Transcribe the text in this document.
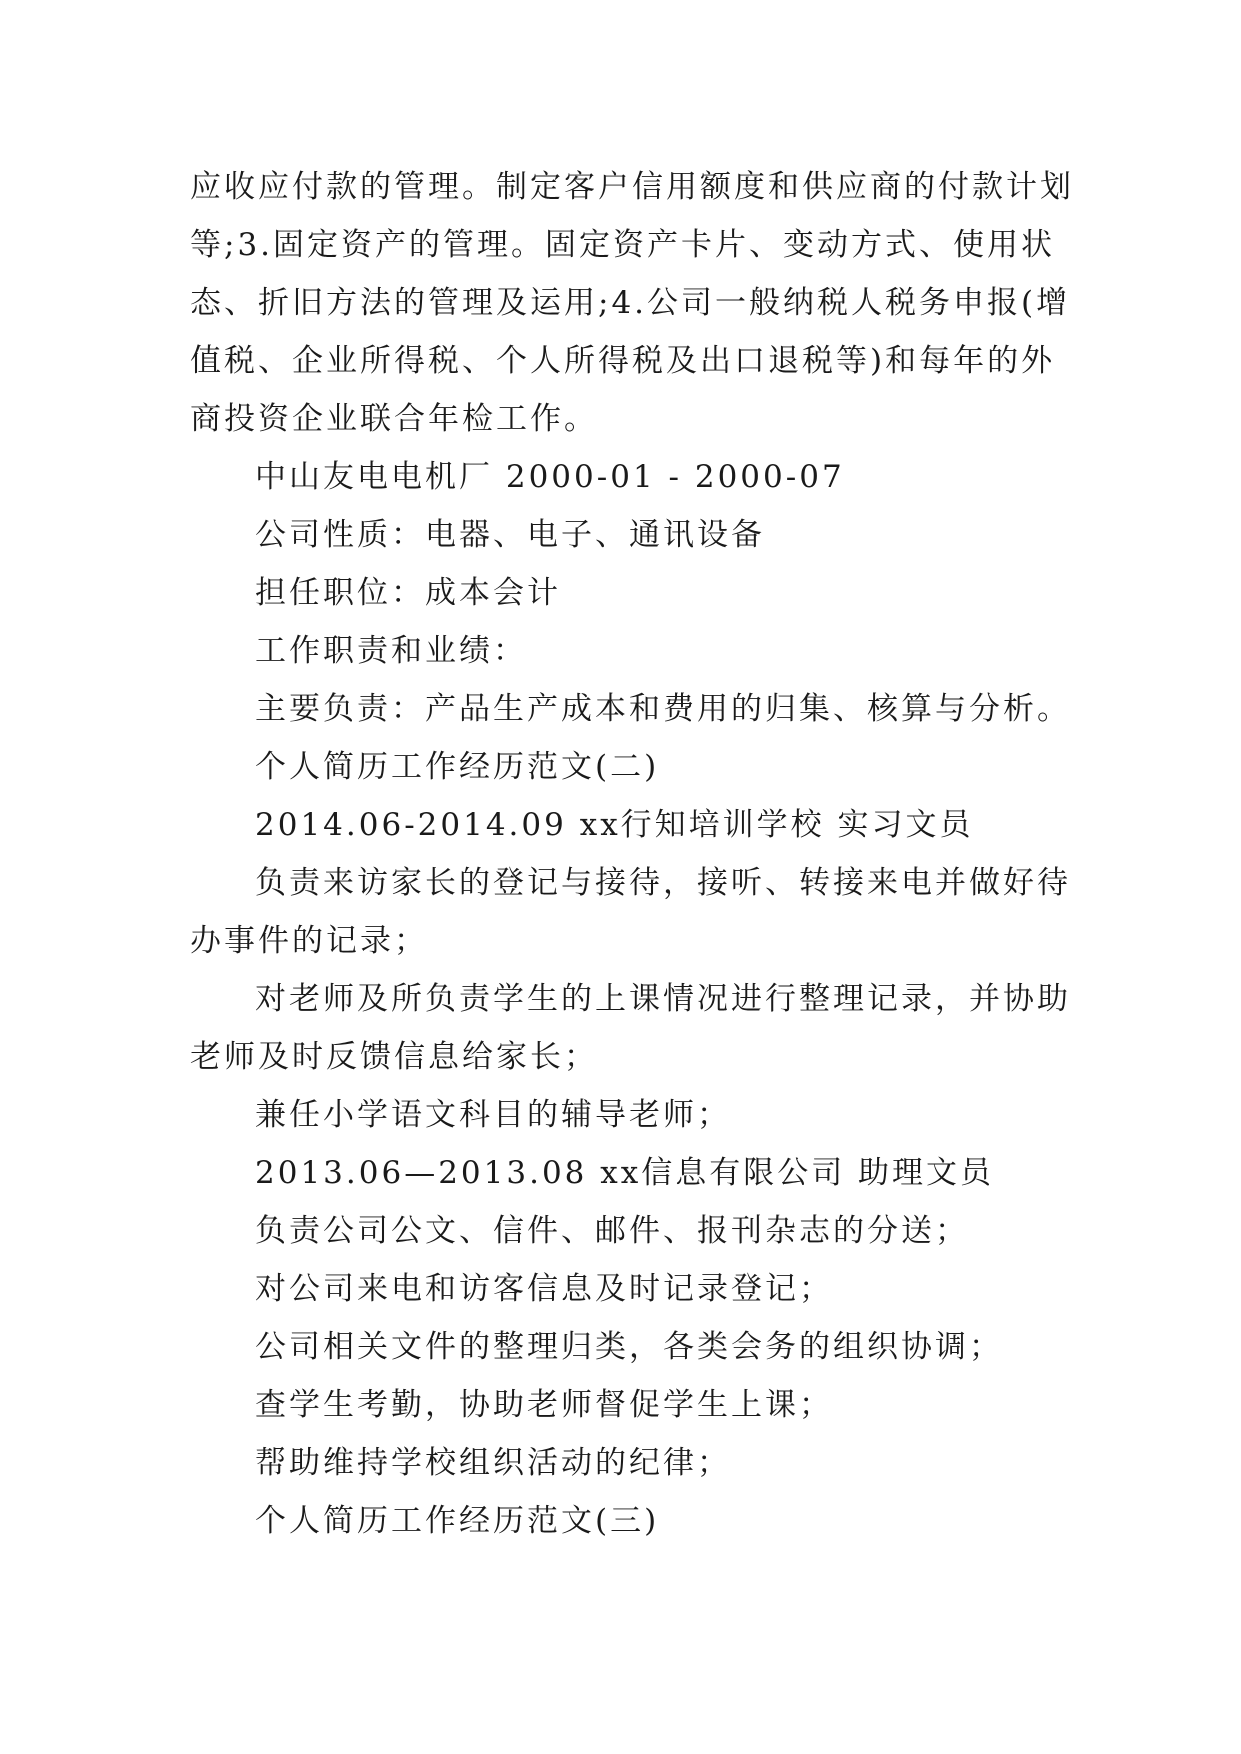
应收应付款的管理。制定客户信用额度和供应商的付款计划
等;3.固定资产的管理。固定资产卡片、变动方式、使用状
态、折旧方法的管理及运用;4.公司一般纳税人税务申报(增
值税、企业所得税、个人所得税及出口退税等)和每年的外
商投资企业联合年检工作。
中山友电电机厂 2000-01 - 2000-07
公司性质：电器、电子、通讯设备
担任职位：成本会计
工作职责和业绩：
主要负责：产品生产成本和费用的归集、核算与分析。
个人简历工作经历范文(二)
2014.06-2014.09 xx行知培训学校 实习文员
负责来访家长的登记与接待，接听、转接来电并做好待
办事件的记录；
对老师及所负责学生的上课情况进行整理记录，并协助
老师及时反馈信息给家长；
兼任小学语文科目的辅导老师；
2013.06—2013.08 xx信息有限公司 助理文员
负责公司公文、信件、邮件、报刊杂志的分送；
对公司来电和访客信息及时记录登记；
公司相关文件的整理归类，各类会务的组织协调；
查学生考勤，协助老师督促学生上课；
帮助维持学校组织活动的纪律；
个人简历工作经历范文(三)
